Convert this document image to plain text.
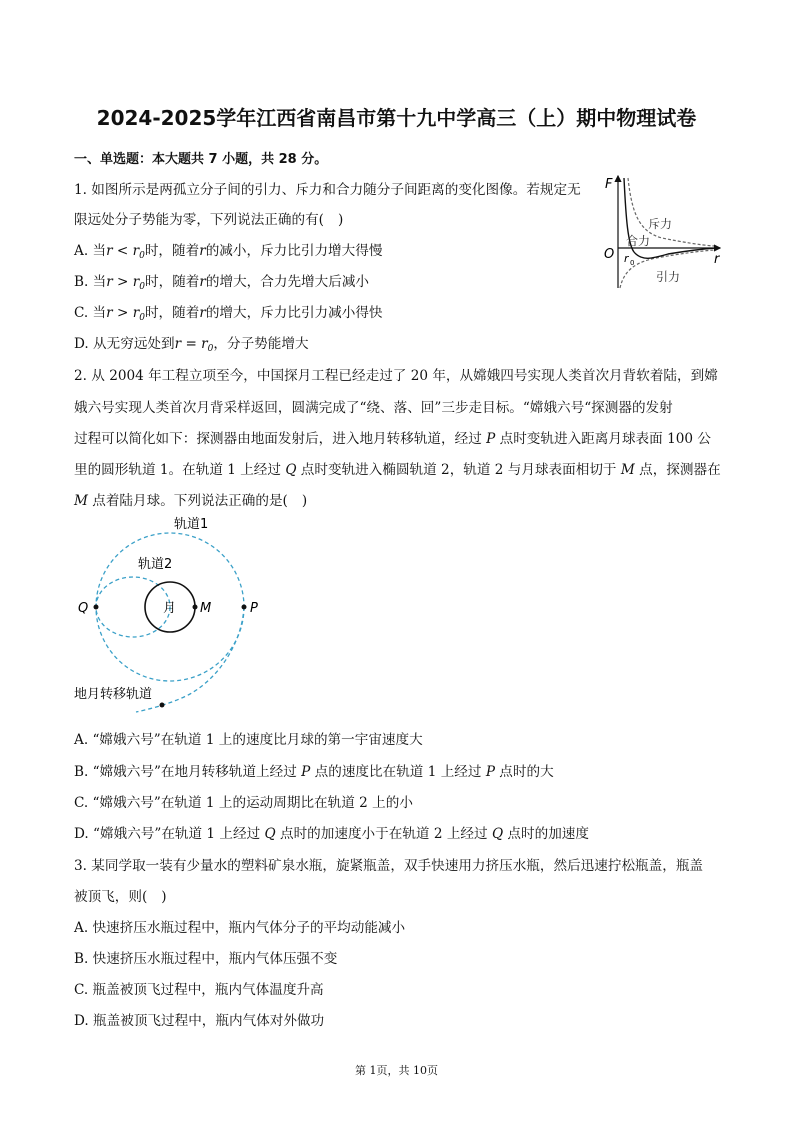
2024-2025学年江西省南昌市第十九中学高三（上）期中物理试卷
一、单选题：本大题共 7 小题，共 28 分。
1. 如图所示是两孤立分子间的引力、斥力和合力随分子间距离的变化图像。若规定无
限远处分子势能为零，下列说法正确的有( )
A. 当$r < r_0$时，随着r的减小，斥力比引力增大得慢
B. 当$r > r_0$时，随着r的增大，合力先增大后减小
C. 当$r > r_0$时，随着r的增大，斥力比引力减小得快
D. 从无穷远处到$r = r_0$，分子势能增大
F
O	r
r 0
斥力
合力
引力
2. 从 2004 年工程立项至今，中国探月工程已经走过了 20 年，从嫦娥四号实现人类首次月背软着陆，到嫦
娥六号实现人类首次月背采样返回，圆满完成了“绕、落、回”三步走目标。“嫦娥六号“探测器的发射
过程可以简化如下：探测器由地面发射后，进入地月转移轨道，经过 P 点时变轨进入距离月球表面 100 公
里的圆形轨道 1。在轨道 1 上经过 Q 点时变轨进入椭圆轨道 2，轨道 2 与月球表面相切于 M 点，探测器在
M 点着陆月球。下列说法正确的是( )
轨道1
轨道2
月
Q	M	P
地月转移轨道
A. “嫦娥六号”在轨道 1 上的速度比月球的第一宇宙速度大
B. “嫦娥六号”在地月转移轨道上经过 P 点的速度比在轨道 1 上经过 P 点时的大
C. “嫦娥六号”在轨道 1 上的运动周期比在轨道 2 上的小
D. “嫦娥六号”在轨道 1 上经过 Q 点时的加速度小于在轨道 2 上经过 Q 点时的加速度
3. 某同学取一装有少量水的塑料矿泉水瓶，旋紧瓶盖，双手快速用力挤压水瓶，然后迅速拧松瓶盖，瓶盖
被顶飞，则( )
A. 快速挤压水瓶过程中，瓶内气体分子的平均动能减小
B. 快速挤压水瓶过程中，瓶内气体压强不变
C. 瓶盖被顶飞过程中，瓶内气体温度升高
D. 瓶盖被顶飞过程中，瓶内气体对外做功
第 1页，共 10页
